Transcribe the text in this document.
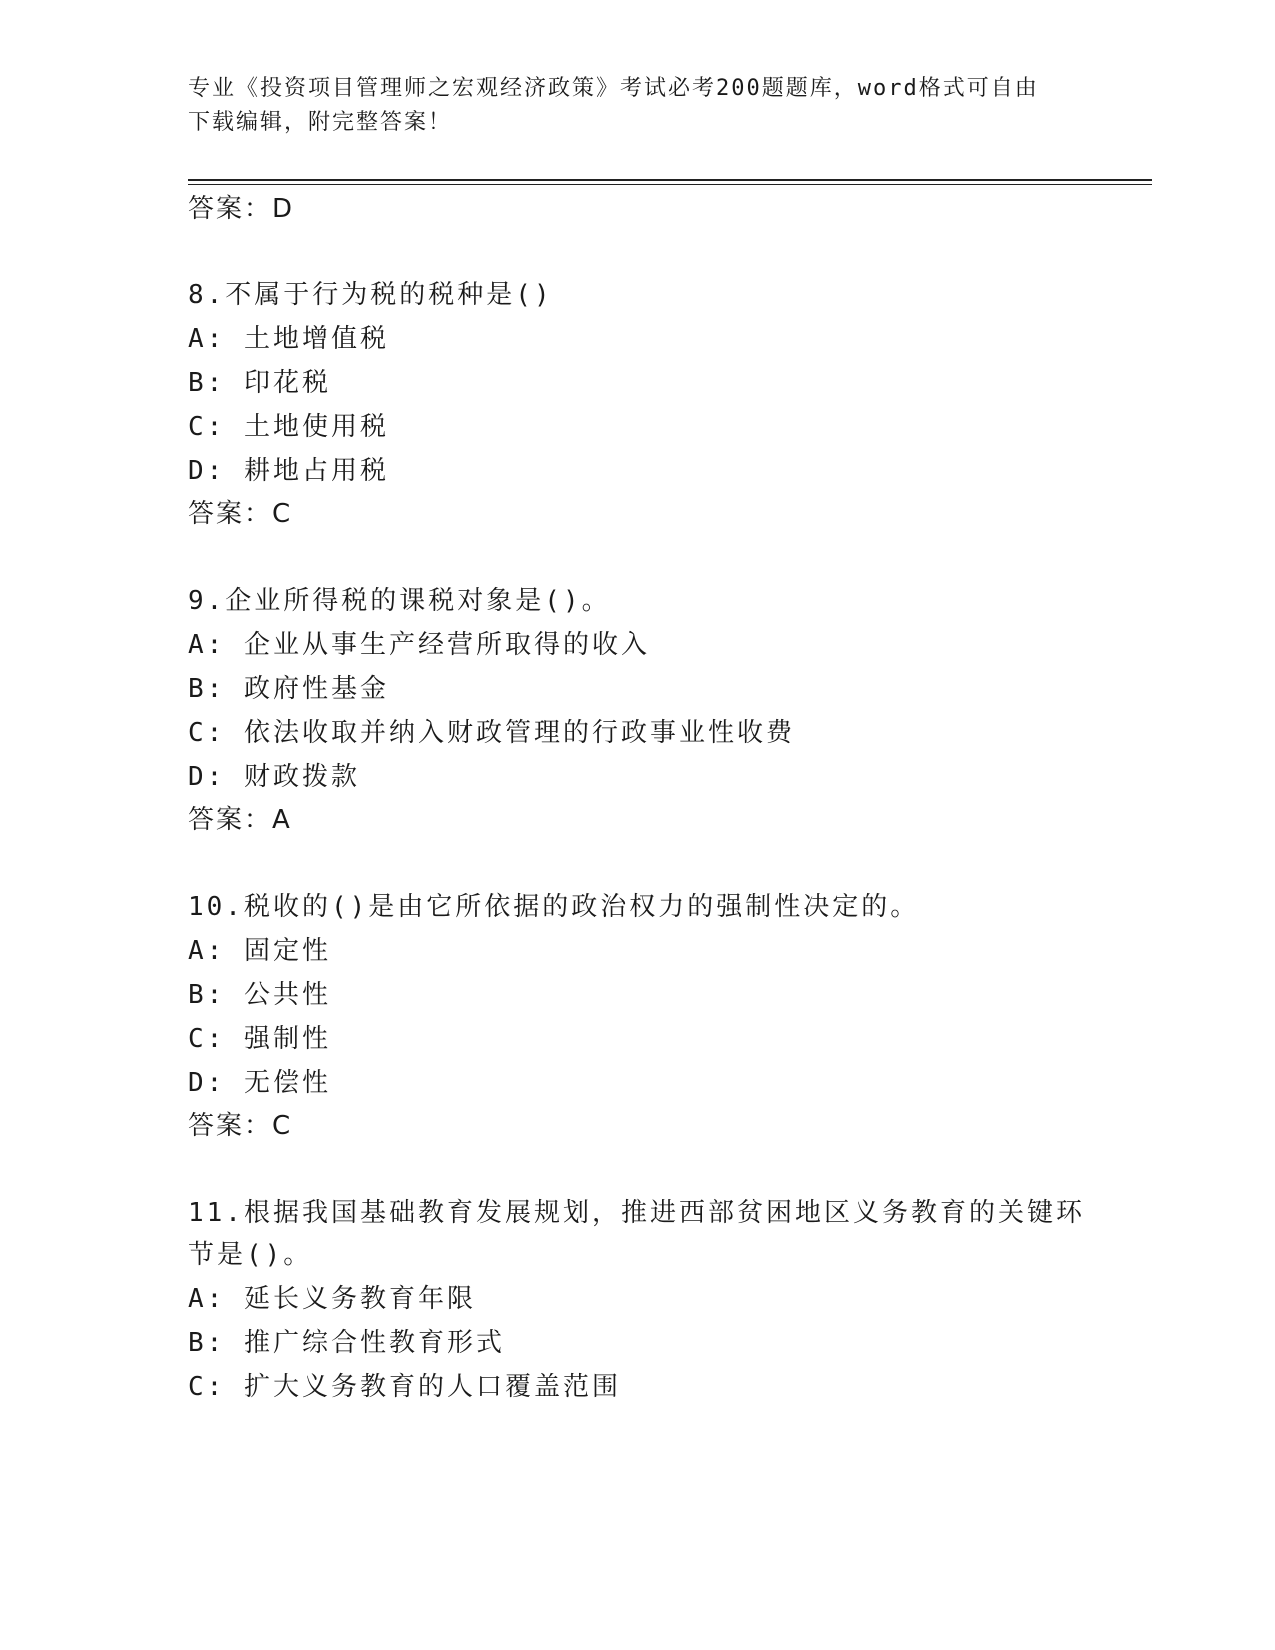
专业《投资项目管理师之宏观经济政策》考试必考200题题库，word格式可自由
下载编辑，附完整答案！
答案：D
8.不属于行为税的税种是()
A: 土地增值税
B: 印花税
C: 土地使用税
D: 耕地占用税
答案：C
9.企业所得税的课税对象是()。
A: 企业从事生产经营所取得的收入
B: 政府性基金
C: 依法收取并纳入财政管理的行政事业性收费
D: 财政拨款
答案：A
10.税收的()是由它所依据的政治权力的强制性决定的。
A: 固定性
B: 公共性
C: 强制性
D: 无偿性
答案：C
11.根据我国基础教育发展规划，推进西部贫困地区义务教育的关键环
节是()。
A: 延长义务教育年限
B: 推广综合性教育形式
C: 扩大义务教育的人口覆盖范围
